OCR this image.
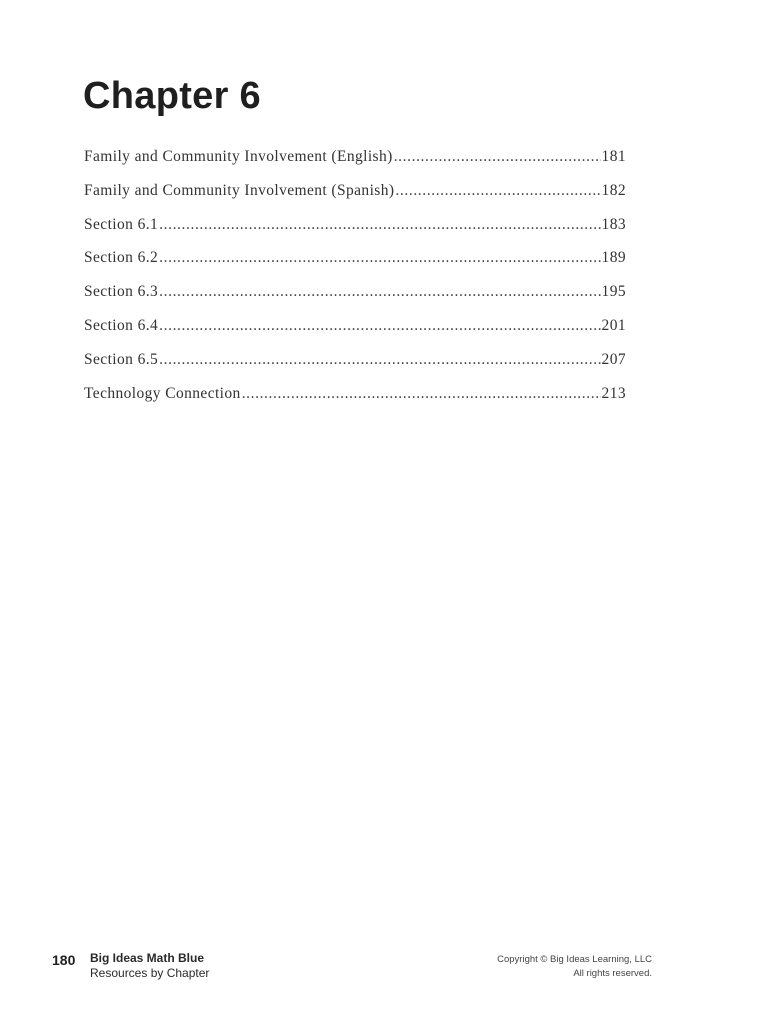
Chapter 6
Family and Community Involvement (English) .....	181
Family and Community Involvement (Spanish) .....	182
Section 6.1 .....	183
Section 6.2 .....	189
Section 6.3 .....	195
Section 6.4 .....	201
Section 6.5 .....	207
Technology Connection .....	213
180 Big Ideas Math Blue
Resources by Chapter
Copyright © Big Ideas Learning, LLC
All rights reserved.
